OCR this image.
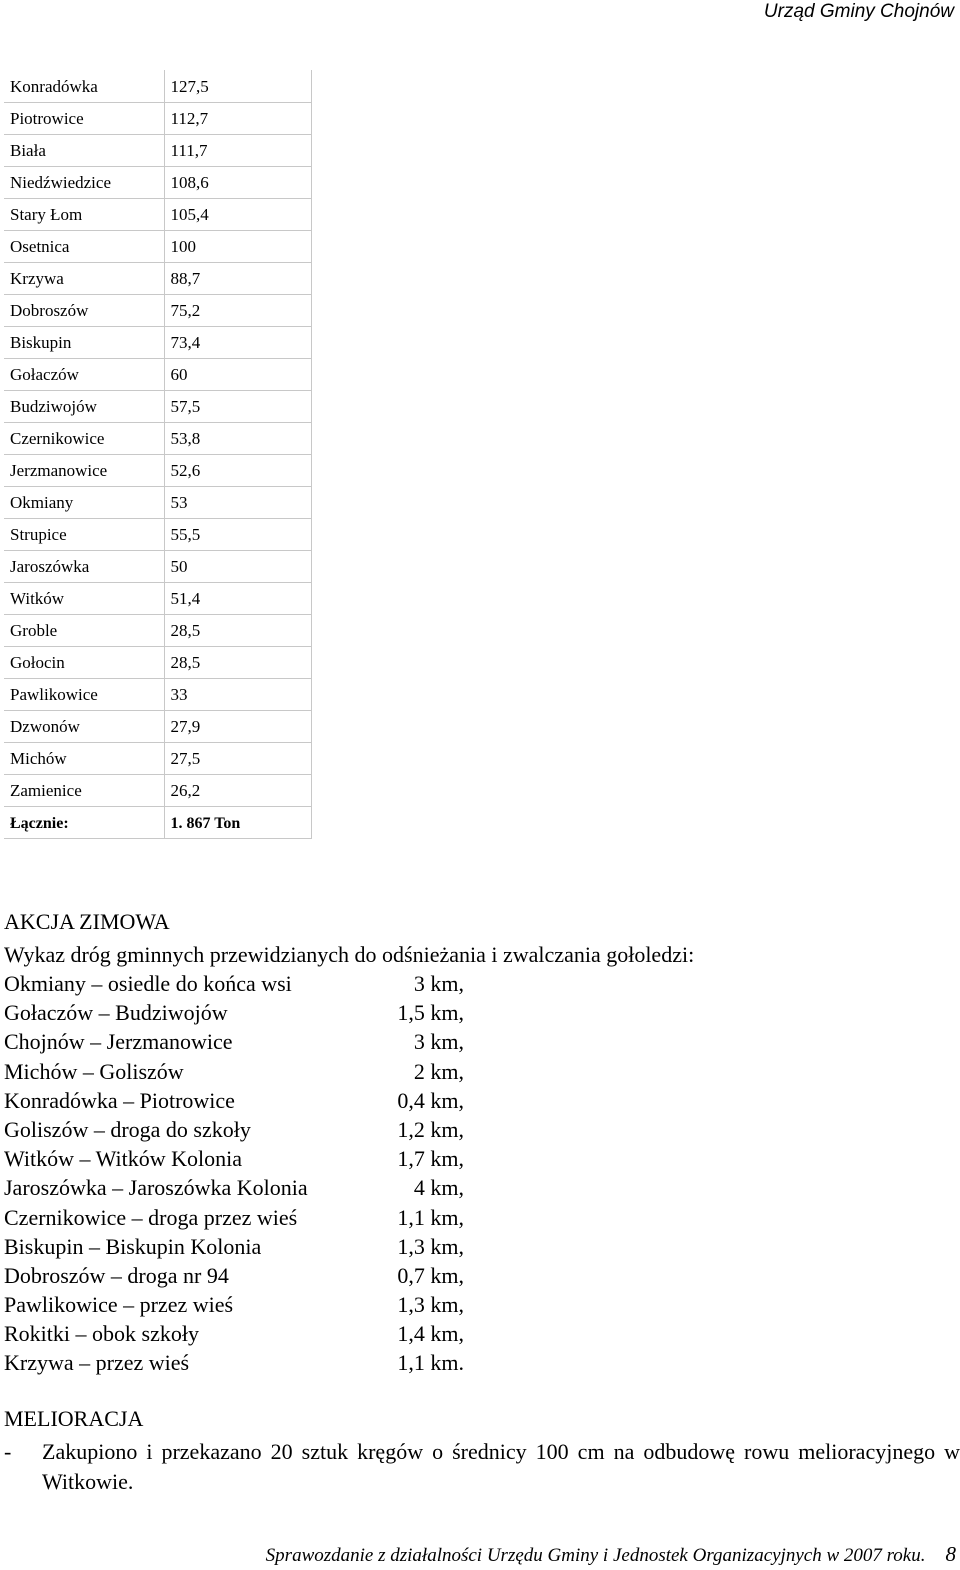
Urząd Gminy Chojnów
Konradówka	127,5
Piotrowice	112,7
Biała	111,7
Niedźwiedzice	108,6
Stary Łom	105,4
Osetnica	100
Krzywa	88,7
Dobroszów	75,2
Biskupin	73,4
Gołaczów	60
Budziwojów	57,5
Czernikowice	53,8
Jerzmanowice	52,6
Okmiany	53
Strupice	55,5
Jaroszówka	50
Witków	51,4
Groble	28,5
Gołocin	28,5
Pawlikowice	33
Dzwonów	27,9
Michów	27,5
Zamienice	26,2
Łącznie:	1. 867 Ton
AKCJA ZIMOWA
Wykaz dróg gminnych przewidzianych do odśnieżania i zwalczania gołoledzi:
Okmiany – osiedle do końca wsi	3 km,
Gołaczów – Budziwojów	1,5 km,
Chojnów – Jerzmanowice	3 km,
Michów – Goliszów	2 km,
Konradówka – Piotrowice	0,4 km,
Goliszów – droga do szkoły	1,2 km,
Witków – Witków Kolonia	1,7 km,
Jaroszówka – Jaroszówka Kolonia	4 km,
Czernikowice – droga przez wieś	1,1 km,
Biskupin – Biskupin Kolonia	1,3 km,
Dobroszów – droga nr 94	0,7 km,
Pawlikowice – przez wieś	1,3 km,
Rokitki – obok szkoły	1,4 km,
Krzywa – przez wieś	1,1 km.
MELIORACJA
- Zakupiono i przekazano 20 sztuk kręgów o średnicy 100 cm na odbudowę rowu melioracyjnego w Witkowie.
Sprawozdanie z działalności Urzędu Gminy i Jednostek Organizacyjnych w 2007 roku. 8
